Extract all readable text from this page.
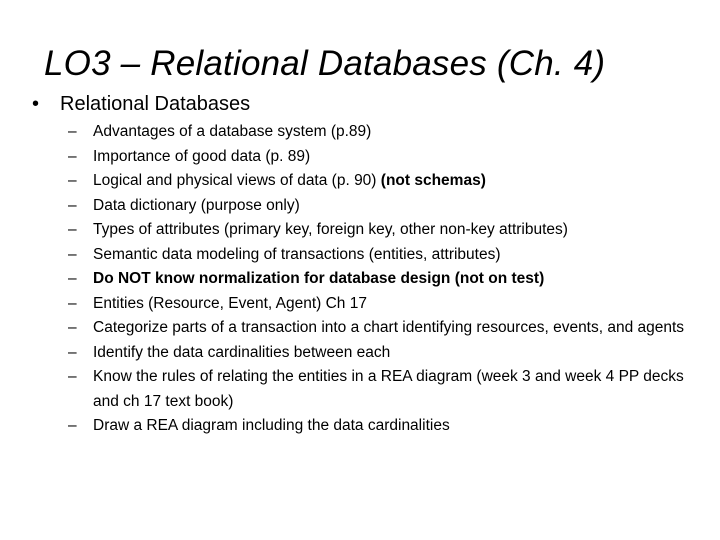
LO3 – Relational Databases (Ch. 4)
• Relational Databases
–	Advantages of a database system (p.89)
–	Importance of good data (p. 89)
–	Logical and physical views of data (p. 90) (not schemas)
–	Data dictionary (purpose only)
–	Types of attributes (primary key, foreign key, other non-key attributes)
–	Semantic data modeling of transactions (entities, attributes)
–	Do NOT know normalization for database design (not on test)
–	Entities (Resource, Event, Agent) Ch 17
–	Categorize parts of a transaction into a chart identifying resources, events, and agents
–	Identify the data cardinalities between each
–	Know the rules of relating the entities in a REA diagram (week 3 and week 4 PP decks and ch 17 text book)
–	Draw a REA diagram including the data cardinalities
